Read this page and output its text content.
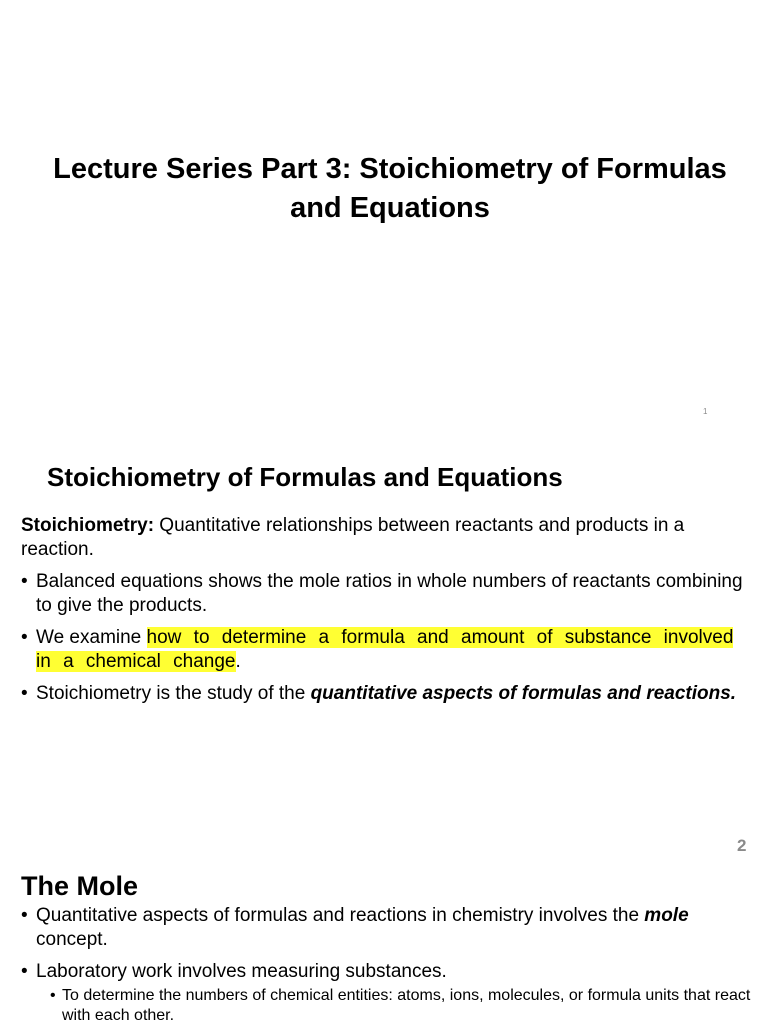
Lecture Series Part 3: Stoichiometry of Formulas
and Equations
1
Stoichiometry of Formulas and Equations

Stoichiometry: Quantitative relationships between reactants and products in a reaction.

• Balanced equations shows the mole ratios in whole numbers of reactants combining to give the products.
• We examine how to determine a formula and amount of substance involved in a chemical change.
• Stoichiometry is the study of the quantitative aspects of formulas and reactions.
2
The Mole
• Quantitative aspects of formulas and reactions in chemistry involves the mole concept.
• Laboratory work involves measuring substances.
• To determine the numbers of chemical entities: atoms, ions, molecules, or formula units that react with each other.
